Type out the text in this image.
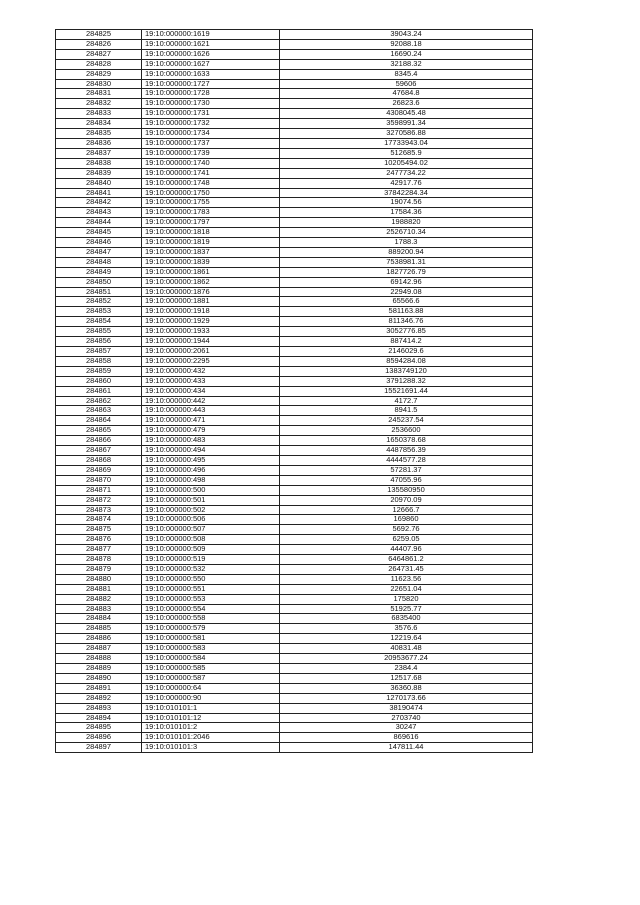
284825	19:10:000000:1619	39043.24
284826	19:10:000000:1621	92088.18
284827	19:10:000000:1626	16690.24
284828	19:10:000000:1627	32188.32
284829	19:10:000000:1633	8345.4
284830	19:10:000000:1727	59606
284831	19:10:000000:1728	47684.8
284832	19:10:000000:1730	26823.6
284833	19:10:000000:1731	4308045.48
284834	19:10:000000:1732	3598991.34
284835	19:10:000000:1734	3270586.88
284836	19:10:000000:1737	17733943.04
284837	19:10:000000:1739	512685.9
284838	19:10:000000:1740	10205494.02
284839	19:10:000000:1741	2477734.22
284840	19:10:000000:1748	42917.76
284841	19:10:000000:1750	37842284.34
284842	19:10:000000:1755	19074.56
284843	19:10:000000:1783	17584.36
284844	19:10:000000:1797	1988820
284845	19:10:000000:1818	2526710.34
284846	19:10:000000:1819	1788.3
284847	19:10:000000:1837	889200.94
284848	19:10:000000:1839	7538981.31
284849	19:10:000000:1861	1827726.79
284850	19:10:000000:1862	69142.96
284851	19:10:000000:1876	22949.08
284852	19:10:000000:1881	65566.6
284853	19:10:000000:1918	581163.88
284854	19:10:000000:1929	811346.76
284855	19:10:000000:1933	3052776.85
284856	19:10:000000:1944	887414.2
284857	19:10:000000:2061	2146029.6
284858	19:10:000000:2295	8594284.08
284859	19:10:000000:432	1383749120
284860	19:10:000000:433	3791288.32
284861	19:10:000000:434	15521691.44
284862	19:10:000000:442	4172.7
284863	19:10:000000:443	8941.5
284864	19:10:000000:471	245237.54
284865	19:10:000000:479	2536600
284866	19:10:000000:483	1650378.68
284867	19:10:000000:494	4487856.39
284868	19:10:000000:495	4444577.28
284869	19:10:000000:496	57281.37
284870	19:10:000000:498	47055.96
284871	19:10:000000:500	135580950
284872	19:10:000000:501	20970.09
284873	19:10:000000:502	12666.7
284874	19:10:000000:506	169860
284875	19:10:000000:507	5692.76
284876	19:10:000000:508	6259.05
284877	19:10:000000:509	44407.96
284878	19:10:000000:519	6464861.2
284879	19:10:000000:532	264731.45
284880	19:10:000000:550	11623.56
284881	19:10:000000:551	22651.04
284882	19:10:000000:553	175820
284883	19:10:000000:554	51925.77
284884	19:10:000000:558	6835400
284885	19:10:000000:579	3576.6
284886	19:10:000000:581	12219.64
284887	19:10:000000:583	40831.48
284888	19:10:000000:584	20953677.24
284889	19:10:000000:585	2384.4
284890	19:10:000000:587	12517.68
284891	19:10:000000:64	36360.88
284892	19:10:000000:90	1270173.66
284893	19:10:010101:1	38190474
284894	19:10:010101:12	2703740
284895	19:10:010101:2	30247
284896	19:10:010101:2046	869616
284897	19:10:010101:3	147811.44
